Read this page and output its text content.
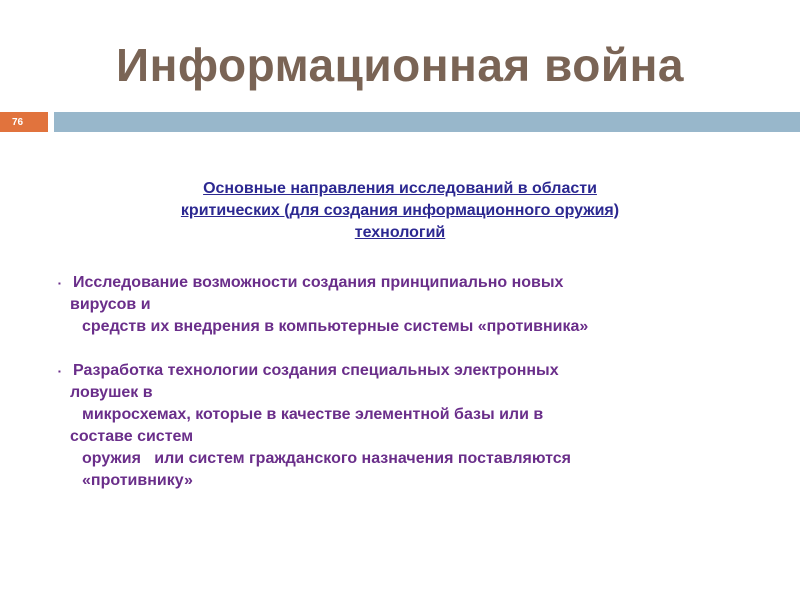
Информационная война
76
Основные направления исследований в области
критических (для создания информационного оружия)
технологий
▪ Исследование возможности создания принципиально новых
вирусов и
средств их внедрения в компьютерные системы «противника»
▪ Разработка технологии создания специальных электронных
ловушек в
микросхемах, которые в качестве элементной базы или в
составе систем
оружия   или систем гражданского назначения поставляются
«противнику»
